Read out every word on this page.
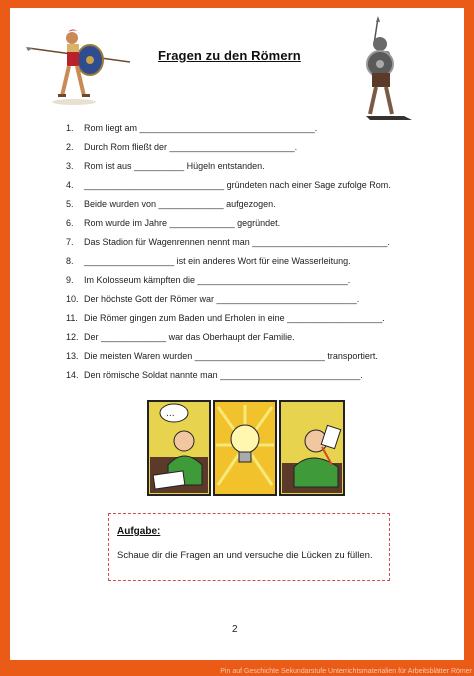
Fragen zu den Römern
1. Rom liegt am ___________________________________.
2. Durch Rom fließt der _________________________.
3. Rom ist aus __________ Hügeln entstanden.
4. ____________________________ gründeten nach einer Sage zufolge Rom.
5. Beide wurden von _____________ aufgezogen.
6. Rom wurde im Jahre _____________ gegründet.
7. Das Stadion für Wagenrennen nennt man ___________________________.
8. __________________ ist ein anderes Wort für eine Wasserleitung.
9. Im Kolosseum kämpften die ______________________________.
10. Der höchste Gott der Römer war ____________________________.
11. Die Römer gingen zum Baden und Erholen in eine ___________________.
12. Der _____________ war das Oberhaupt der Familie.
13. Die meisten Waren wurden __________________________ transportiert.
14. Den römische Soldat nannte man ____________________________.
...
Aufgabe:
Schaue dir die Fragen an und versuche die Lücken zu füllen.
2
Pin auf Geschichte Sekundarstufe Unterrichtsmaterialien für Arbeitsblätter Römer
